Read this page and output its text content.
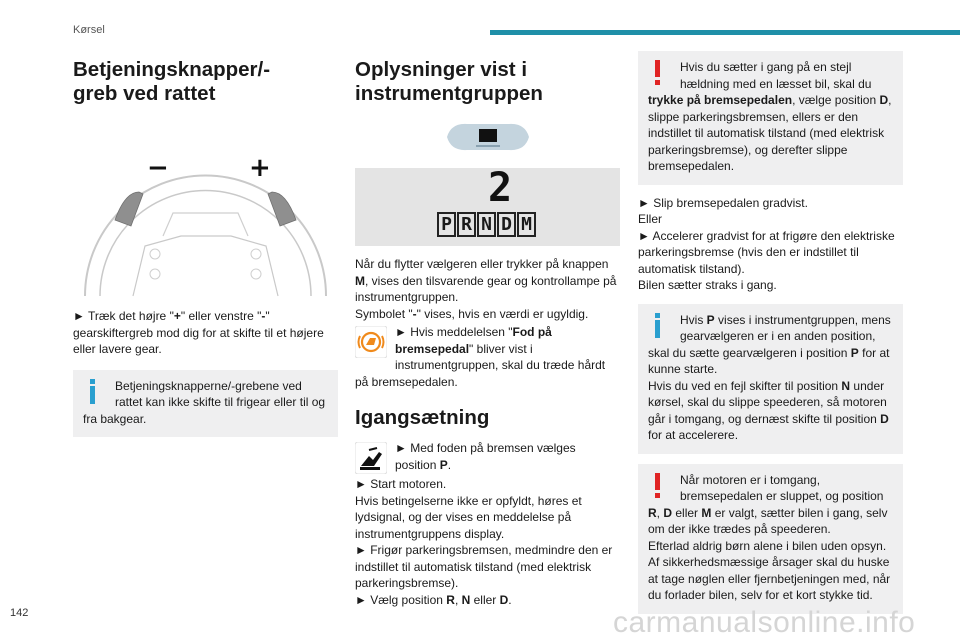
Kørsel
Betjeningsknapper/-greb ved rattet
−	+

► Træk det højre "+" eller venstre "-" gearskiftergreb mod dig for at skifte til et højere eller lavere gear.

Betjeningsknapperne/-grebene ved rattet kan ikke skifte til frigear eller til og fra bakgear.

Oplysninger vist i instrumentgruppen
2
P R N D M

Når du flytter vælgeren eller trykker på knappen M, vises den tilsvarende gear og kontrollampe på instrumentgruppen.

Symbolet "-" vises, hvis en værdi er ugyldig.

► Hvis meddelelsen "Fod på bremsepedal" bliver vist i instrumentgruppen, skal du træde hårdt på bremsepedalen.

Igangsætning

► Med foden på bremsen vælges position P.

► Start motoren.

Hvis betingelserne ikke er opfyldt, høres et lydsignal, og der vises en meddelelse på instrumentgruppens display.

► Frigør parkeringsbremsen, medmindre den er indstillet til automatisk tilstand (med elektrisk parkeringsbremse).

► Vælg position R, N eller D.

Hvis du sætter i gang på en stejl hældning med en læsset bil, skal du trykke på bremsepedalen, vælge position D, slippe parkeringsbremsen, ellers er den indstillet til automatisk tilstand (med elektrisk parkeringsbremse), og derefter slippe bremsepedalen.

► Slip bremsepedalen gradvist.

Eller

► Accelerer gradvist for at frigøre den elektriske parkeringsbremse (hvis den er indstillet til automatisk tilstand).

Bilen sætter straks i gang.

Hvis P vises i instrumentgruppen, mens gearvælgeren er i en anden position, skal du sætte gearvælgeren i position P for at kunne starte.

Hvis du ved en fejl skifter til position N under kørsel, skal du slippe speederen, så motoren går i tomgang, og dernæst skifte til position D for at accelerere.

Når motoren er i tomgang, bremsepedalen er sluppet, og position R, D eller M er valgt, sætter bilen i gang, selv om der ikke trædes på speederen.

Efterlad aldrig børn alene i bilen uden opsyn.

Af sikkerhedsmæssige årsager skal du huske at tage nøglen eller fjernbetjeningen med, når du forlader bilen, selv for et kort stykke tid.

142	carmanualsonline.info
